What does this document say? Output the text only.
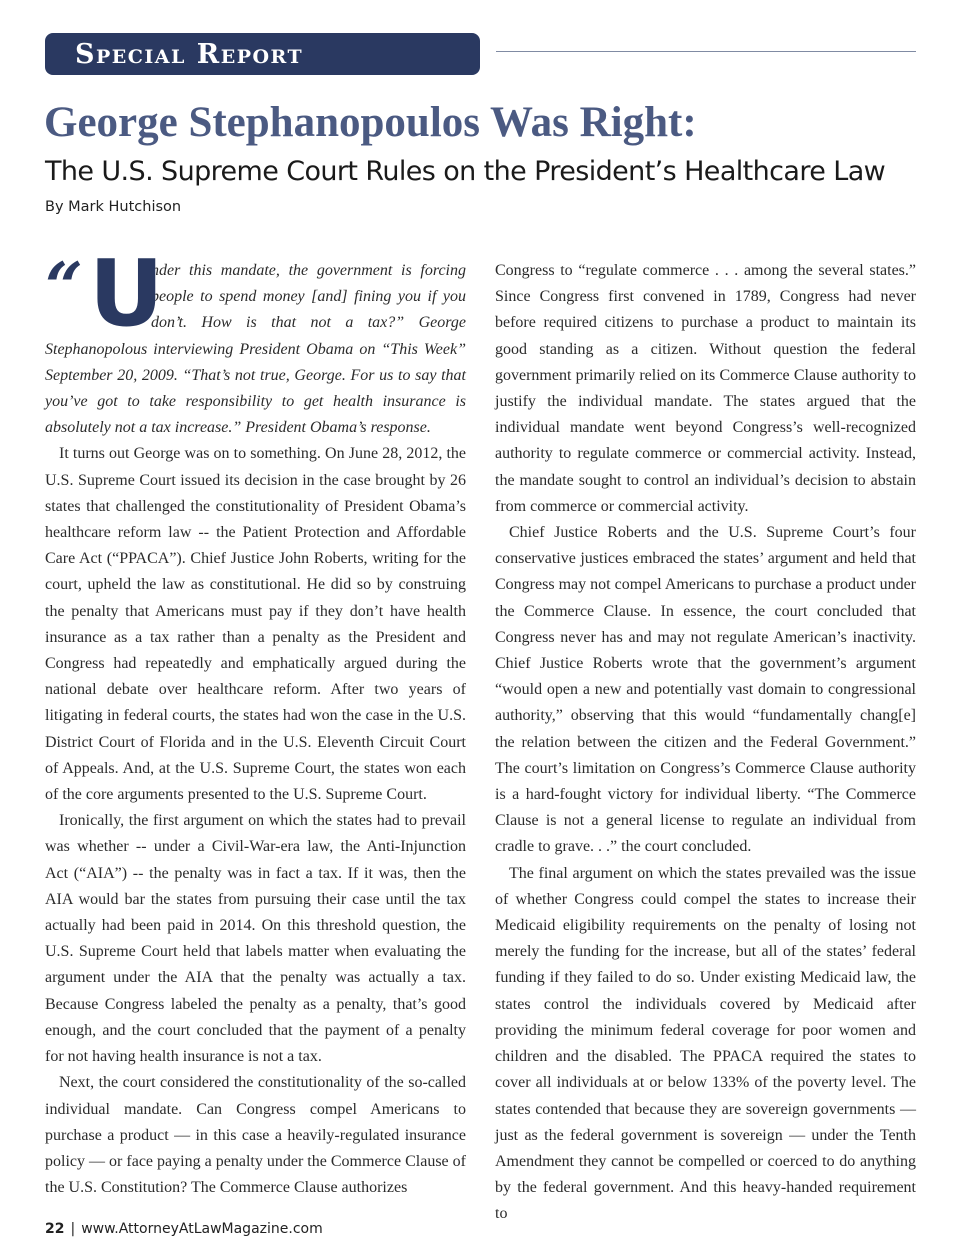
Special Report
George Stephanopoulos Was Right:
The U.S. Supreme Court Rules on the President’s Healthcare Law
By Mark Hutchison
“ U

nder this mandate, the government is forcing people to spend money [and] fining you if you don’t. How is that not a tax?” George Stephanopolous interviewing President Obama on “This Week” September 20, 2009. “That’s not true, George. For us to say that you’ve got to take responsibility to get health insurance is absolutely not a tax increase.” President Obama’s response.

It turns out George was on to something. On June 28, 2012, the U.S. Supreme Court issued its decision in the case brought by 26 states that challenged the constitutionality of President Obama’s healthcare reform law -- the Patient Protection and Affordable Care Act (“PPACA”). Chief Justice John Roberts, writing for the court, upheld the law as constitutional. He did so by construing the penalty that Americans must pay if they don’t have health insurance as a tax rather than a penalty as the President and Congress had repeatedly and emphatically argued during the national debate over healthcare reform. After two years of litigating in federal courts, the states had won the case in the U.S. District Court of Florida and in the U.S. Eleventh Circuit Court of Appeals. And, at the U.S. Supreme Court, the states won each of the core arguments presented to the U.S. Supreme Court.

Ironically, the first argument on which the states had to prevail was whether -- under a Civil-War-era law, the Anti-Injunction Act (“AIA”) -- the penalty was in fact a tax. If it was, then the AIA would bar the states from pursuing their case until the tax actually had been paid in 2014. On this threshold question, the U.S. Supreme Court held that labels matter when evaluating the argument under the AIA that the penalty was actually a tax. Because Congress labeled the penalty as a penalty, that’s good enough, and the court concluded that the payment of a penalty for not having health insurance is not a tax.

Next, the court considered the constitutionality of the so-called individual mandate. Can Congress compel Americans to purchase a product — in this case a heavily-regulated insurance policy — or face paying a penalty under the Commerce Clause of the U.S. Constitution? The Commerce Clause authorizes

Congress to “regulate commerce . . . among the several states.” Since Congress first convened in 1789, Congress had never before required citizens to purchase a product to maintain its good standing as a citizen. Without question the federal government primarily relied on its Commerce Clause authority to justify the individual mandate. The states argued that the individual mandate went beyond Congress’s well-recognized authority to regulate commerce or commercial activity. Instead, the mandate sought to control an individual’s decision to abstain from commerce or commercial activity.

Chief Justice Roberts and the U.S. Supreme Court’s four conservative justices embraced the states’ argument and held that Congress may not compel Americans to purchase a product under the Commerce Clause. In essence, the court concluded that Congress never has and may not regulate American’s inactivity. Chief Justice Roberts wrote that the government’s argument “would open a new and potentially vast domain to congressional authority,” observing that this would “fundamentally chang[e] the relation between the citizen and the Federal Government.” The court’s limitation on Congress’s Commerce Clause authority is a hard-fought victory for individual liberty. “The Commerce Clause is not a general license to regulate an individual from cradle to grave. . .” the court concluded.

The final argument on which the states prevailed was the issue of whether Congress could compel the states to increase their Medicaid eligibility requirements on the penalty of losing not merely the funding for the increase, but all of the states’ federal funding if they failed to do so. Under existing Medicaid law, the states control the individuals covered by Medicaid after providing the minimum federal coverage for poor women and children and the disabled. The PPACA required the states to cover all individuals at or below 133% of the poverty level. The states contended that because they are sovereign governments — just as the federal government is sovereign — under the Tenth Amendment they cannot be compelled or coerced to do anything by the federal government. And this heavy-handed requirement to

22 | www.AttorneyAtLawMagazine.com
